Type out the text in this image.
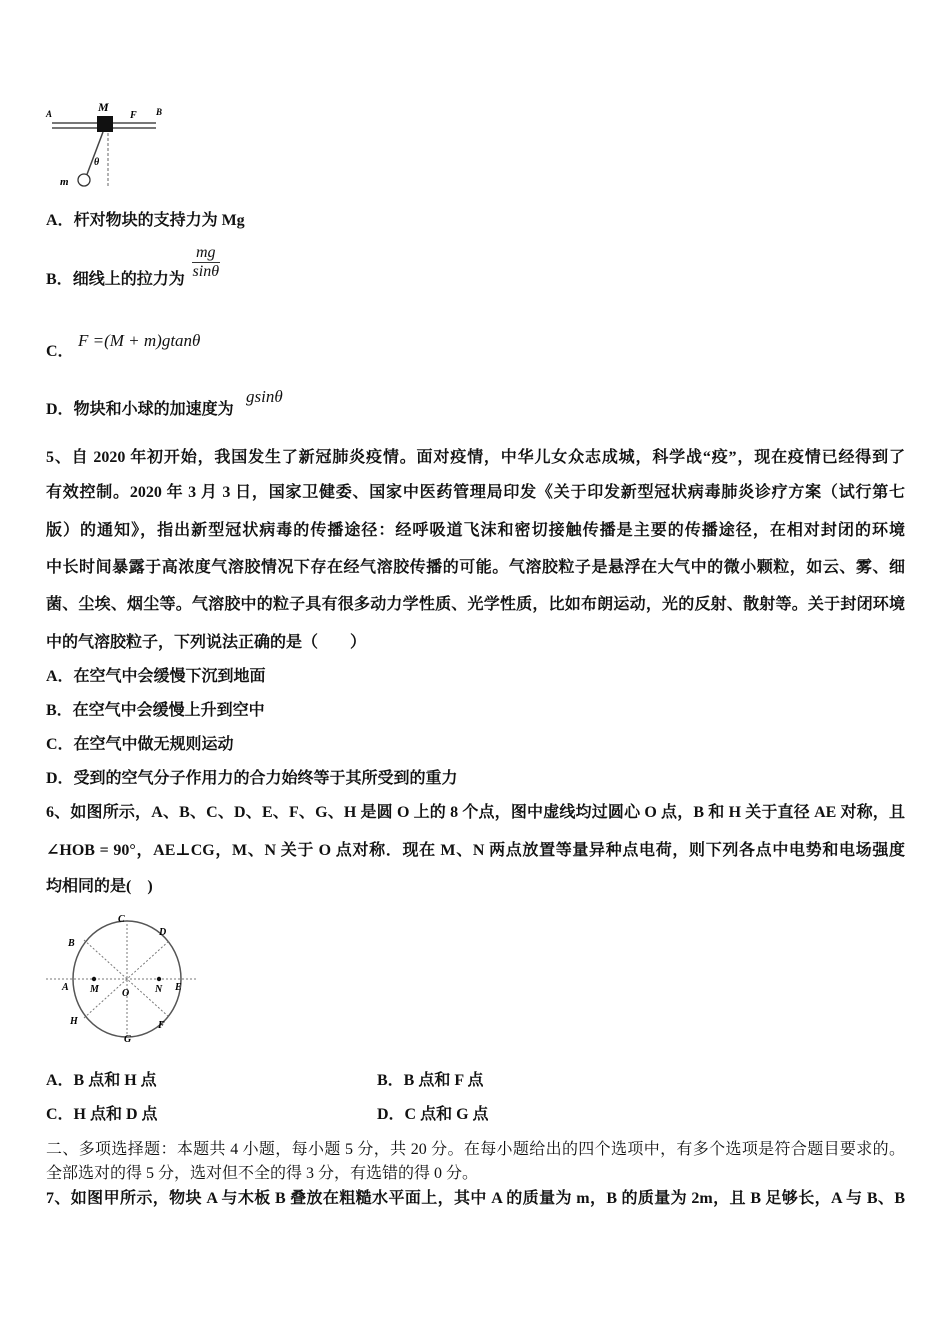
A	M
F B
θ
m
A．杆对物块的支持力为 Mg
B．细线上的拉力为 $\frac{mg}{\sin\theta}$
C．
F =(M + m)gtanθ
D．物块和小球的加速度为
gsinθ
5、自 2020 年初开始，我国发生了新冠肺炎疫情。面对疫情，中华儿女众志成城，科学战“疫”，现在疫情已经得到了
有效控制。2020 年 3 月 3 日，国家卫健委、国家中医药管理局印发《关于印发新型冠状病毒肺炎诊疗方案（试行第七
版）的通知》，指出新型冠状病毒的传播途径：经呼吸道飞沫和密切接触传播是主要的传播途径，在相对封闭的环境
中长时间暴露于高浓度气溶胶情况下存在经气溶胶传播的可能。气溶胶粒子是悬浮在大气中的微小颗粒，如云、雾、细
菌、尘埃、烟尘等。气溶胶中的粒子具有很多动力学性质、光学性质，比如布朗运动，光的反射、散射等。关于封闭环境
中的气溶胶粒子，下列说法正确的是（　　）
A．在空气中会缓慢下沉到地面
B．在空气中会缓慢上升到空中
C．在空气中做无规则运动
D．受到的空气分子作用力的合力始终等于其所受到的重力
6、如图所示，A、B、C、D、E、F、G、H 是圆 O 上的 8 个点，图中虚线均过圆心 O 点，B 和 H 关于直径 AE 对称，且
∠HOB = 90°，AE⊥CG，M、N 关于 O 点对称．现在 M、N 两点放置等量异种点电荷，则下列各点中电势和电场强度
均相同的是(　)
C
D
B
A M O	N E
H	F
G
A．B 点和 H 点	B．B 点和 F 点
C．H 点和 D 点	D．C 点和 G 点
二、多项选择题：本题共 4 小题，每小题 5 分，共 20 分。在每小题给出的四个选项中，有多个选项是符合题目要求的。
全部选对的得 5 分，选对但不全的得 3 分，有选错的得 0 分。
7、如图甲所示，物块 A 与木板 B 叠放在粗糙水平面上，其中 A 的质量为 m，B 的质量为 2m，且 B 足够长，A 与 B、B
